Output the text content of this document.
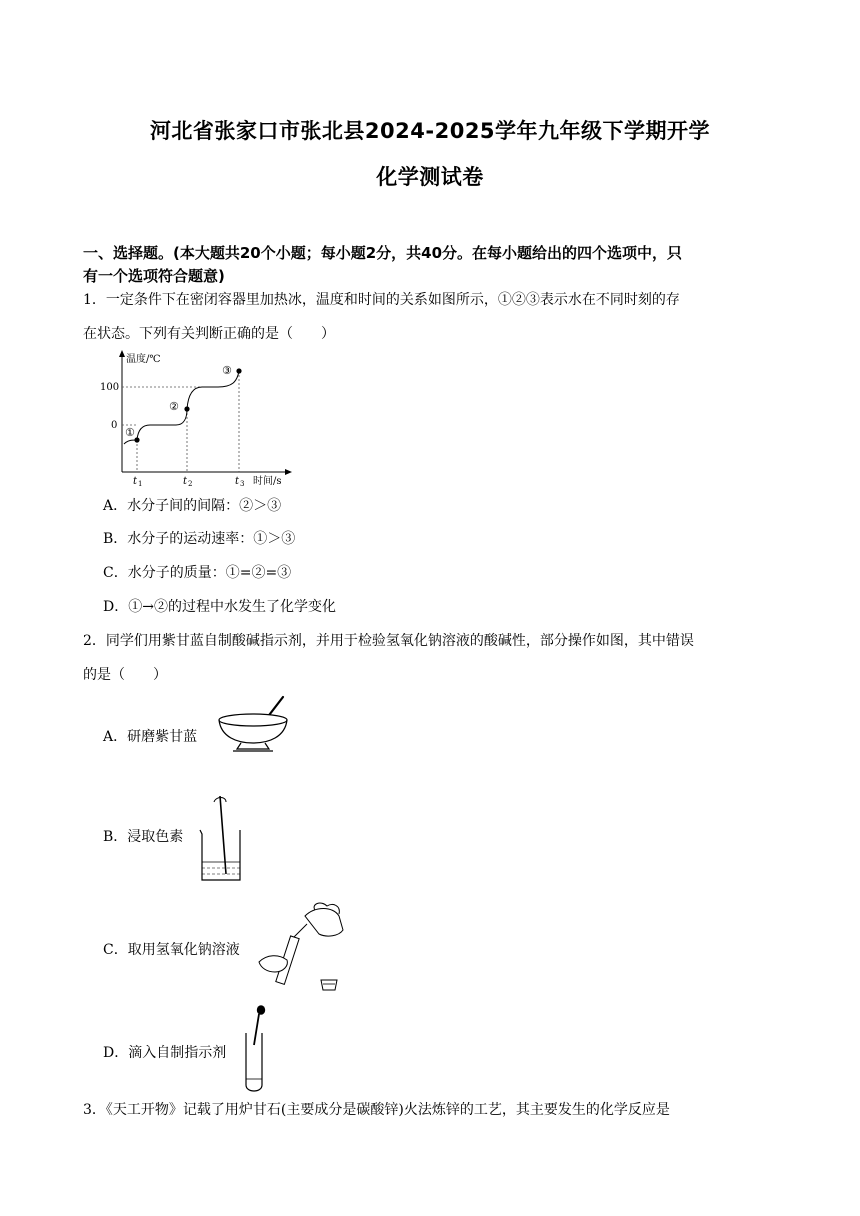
河北省张家口市张北县2024-2025学年九年级下学期开学
化学测试卷
一、选择题。(本大题共20个小题；每小题2分，共40分。在每小题给出的四个选项中，只
有一个选项符合题意)
1．一定条件下在密闭容器里加热冰，温度和时间的关系如图所示，①②③表示水在不同时刻的存
在状态。下列有关判断正确的是（　　）
温度/℃
100
0
①
②
③
t 1	t 2	t 3 时间/s
A．水分子间的间隔：②＞③
B．水分子的运动速率：①＞③
C．水分子的质量：①=②=③
D．①→②的过程中水发生了化学变化
2．同学们用紫甘蓝自制酸碱指示剂，并用于检验氢氧化钠溶液的酸碱性，部分操作如图，其中错误
的是（　　）
A．研磨紫甘蓝
B．浸取色素
C．取用氢氧化钠溶液
D．滴入自制指示剂
3．《天工开物》记载了用炉甘石(主要成分是碳酸锌)火法炼锌的工艺，其主要发生的化学反应是
